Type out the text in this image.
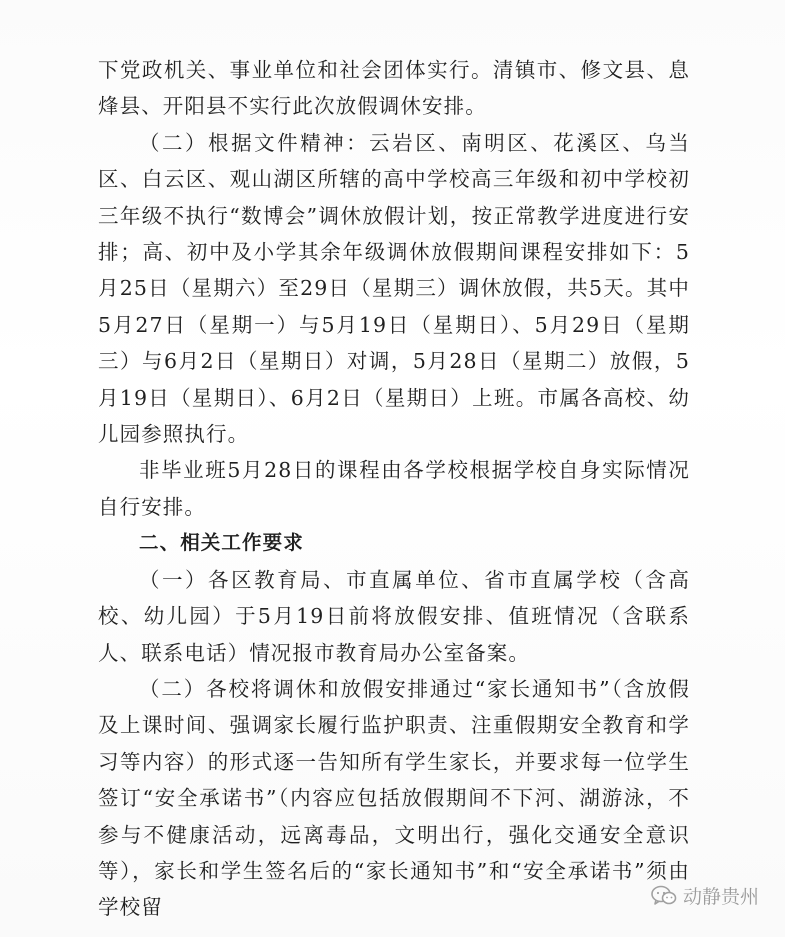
下党政机关、事业单位和社会团体实行。清镇市、修文县、息烽县、开阳县不实行此次放假调休安排。

（二）根据文件精神：云岩区、南明区、花溪区、乌当区、白云区、观山湖区所辖的高中学校高三年级和初中学校初三年级不执行“数博会”调休放假计划，按正常教学进度进行安排；高、初中及小学其余年级调休放假期间课程安排如下：5月25日（星期六）至29日（星期三）调休放假，共5天。其中5月27日（星期一）与5月19日（星期日）、5月29日（星期三）与6月2日（星期日）对调，5月28日（星期二）放假，5月19日（星期日）、6月2日（星期日）上班。市属各高校、幼儿园参照执行。

非毕业班5月28日的课程由各学校根据学校自身实际情况自行安排。

二、相关工作要求

（一）各区教育局、市直属单位、省市直属学校（含高校、幼儿园）于5月19日前将放假安排、值班情况（含联系人、联系电话）情况报市教育局办公室备案。

（二）各校将调休和放假安排通过“家长通知书”（含放假及上课时间、强调家长履行监护职责、注重假期安全教育和学习等内容）的形式逐一告知所有学生家长，并要求每一位学生签订“安全承诺书”（内容应包括放假期间不下河、湖游泳，不参与不健康活动，远离毒品，文明出行，强化交通安全意识等），家长和学生签名后的“家长通知书”和“安全承诺书”须由学校留	动静贵州
